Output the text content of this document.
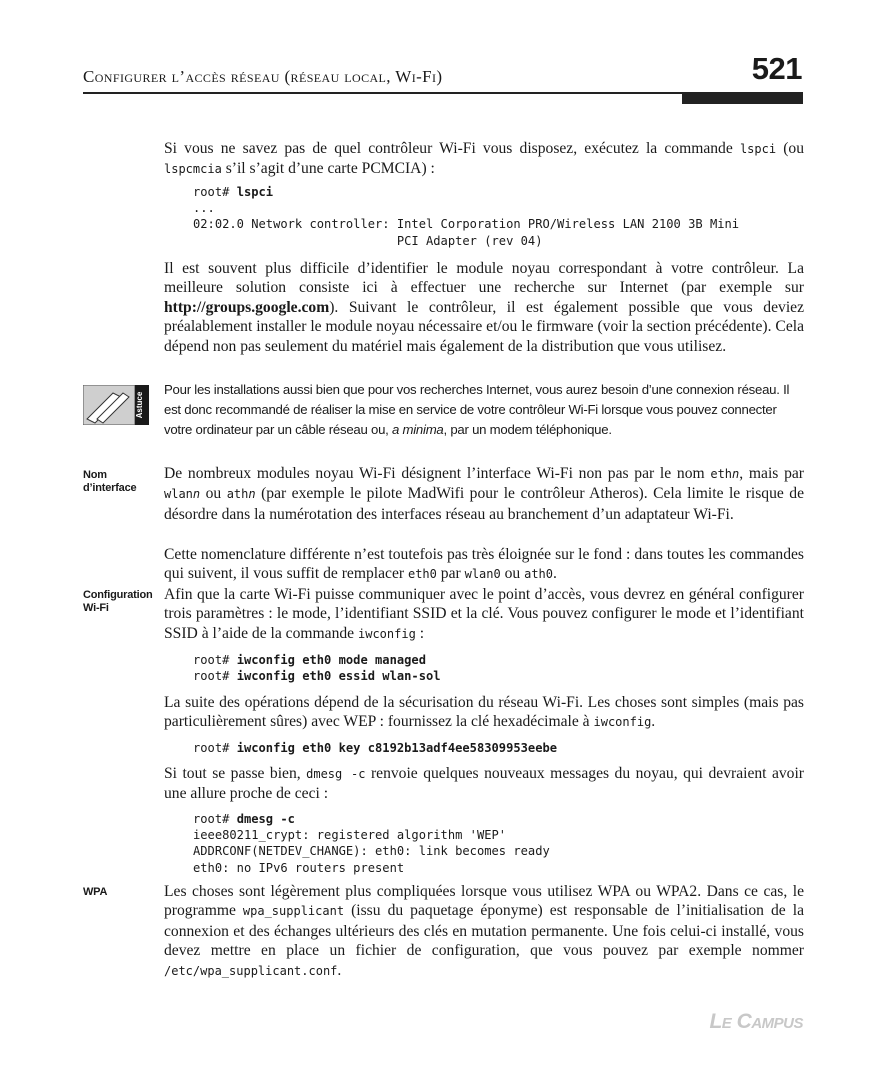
Configurer l’accès réseau (réseau local, Wi-Fi)	521
Si vous ne savez pas de quel contrôleur Wi-Fi vous disposez, exécutez la commande lspci (ou lspcmcia s’il s’agit d’une carte PCMCIA) :
root# lspci
...
02:02.0 Network controller: Intel Corporation PRO/Wireless LAN 2100 3B Mini
PCI Adapter (rev 04)
Il est souvent plus difficile d’identifier le module noyau correspondant à votre contrôleur. La meilleure solution consiste ici à effectuer une recherche sur Internet (par exemple sur http://groups.google.com). Suivant le contrôleur, il est également possible que vous deviez préalablement installer le module noyau nécessaire et/ou le firmware (voir la section précédente). Cela dépend non pas seulement du matériel mais également de la distribution que vous utilisez.
Astuce
Pour les installations aussi bien que pour vos recherches Internet, vous aurez besoin d’une connexion réseau. Il est donc recommandé de réaliser la mise en service de votre contrôleur Wi-Fi lorsque vous pouvez connecter votre ordinateur par un câble réseau ou, a minima, par un modem téléphonique.
Nom d’interface
Configuration Wi-Fi
WPA
De nombreux modules noyau Wi-Fi désignent l’interface Wi-Fi non pas par le nom ethn, mais par wlann ou athn (par exemple le pilote MadWifi pour le contrôleur Atheros). Cela limite le risque de désordre dans la numérotation des interfaces réseau au branchement d’un adaptateur Wi-Fi.
Cette nomenclature différente n’est toutefois pas très éloignée sur le fond : dans toutes les commandes qui suivent, il vous suffit de remplacer eth0 par wlan0 ou ath0.
Afin que la carte Wi-Fi puisse communiquer avec le point d’accès, vous devrez en général configurer trois paramètres : le mode, l’identifiant SSID et la clé. Vous pouvez configurer le mode et l’identifiant SSID à l’aide de la commande iwconfig :
root# iwconfig eth0 mode managed
root# iwconfig eth0 essid wlan-sol
La suite des opérations dépend de la sécurisation du réseau Wi-Fi. Les choses sont simples (mais pas particulièrement sûres) avec WEP : fournissez la clé hexadécimale à iwconfig.
root# iwconfig eth0 key c8192b13adf4ee58309953eebe
Si tout se passe bien, dmesg -c renvoie quelques nouveaux messages du noyau, qui devraient avoir une allure proche de ceci :
root# dmesg -c
ieee80211_crypt: registered algorithm 'WEP'
ADDRCONF(NETDEV_CHANGE): eth0: link becomes ready
eth0: no IPv6 routers present
Les choses sont légèrement plus compliquées lorsque vous utilisez WPA ou WPA2. Dans ce cas, le programme wpa_supplicant (issu du paquetage éponyme) est responsable de l’initialisation de la connexion et des échanges ultérieurs des clés en mutation permanente. Une fois celui-ci installé, vous devez mettre en place un fichier de configuration, que vous pouvez par exemple nommer /etc/wpa_supplicant.conf.
Le Campus
